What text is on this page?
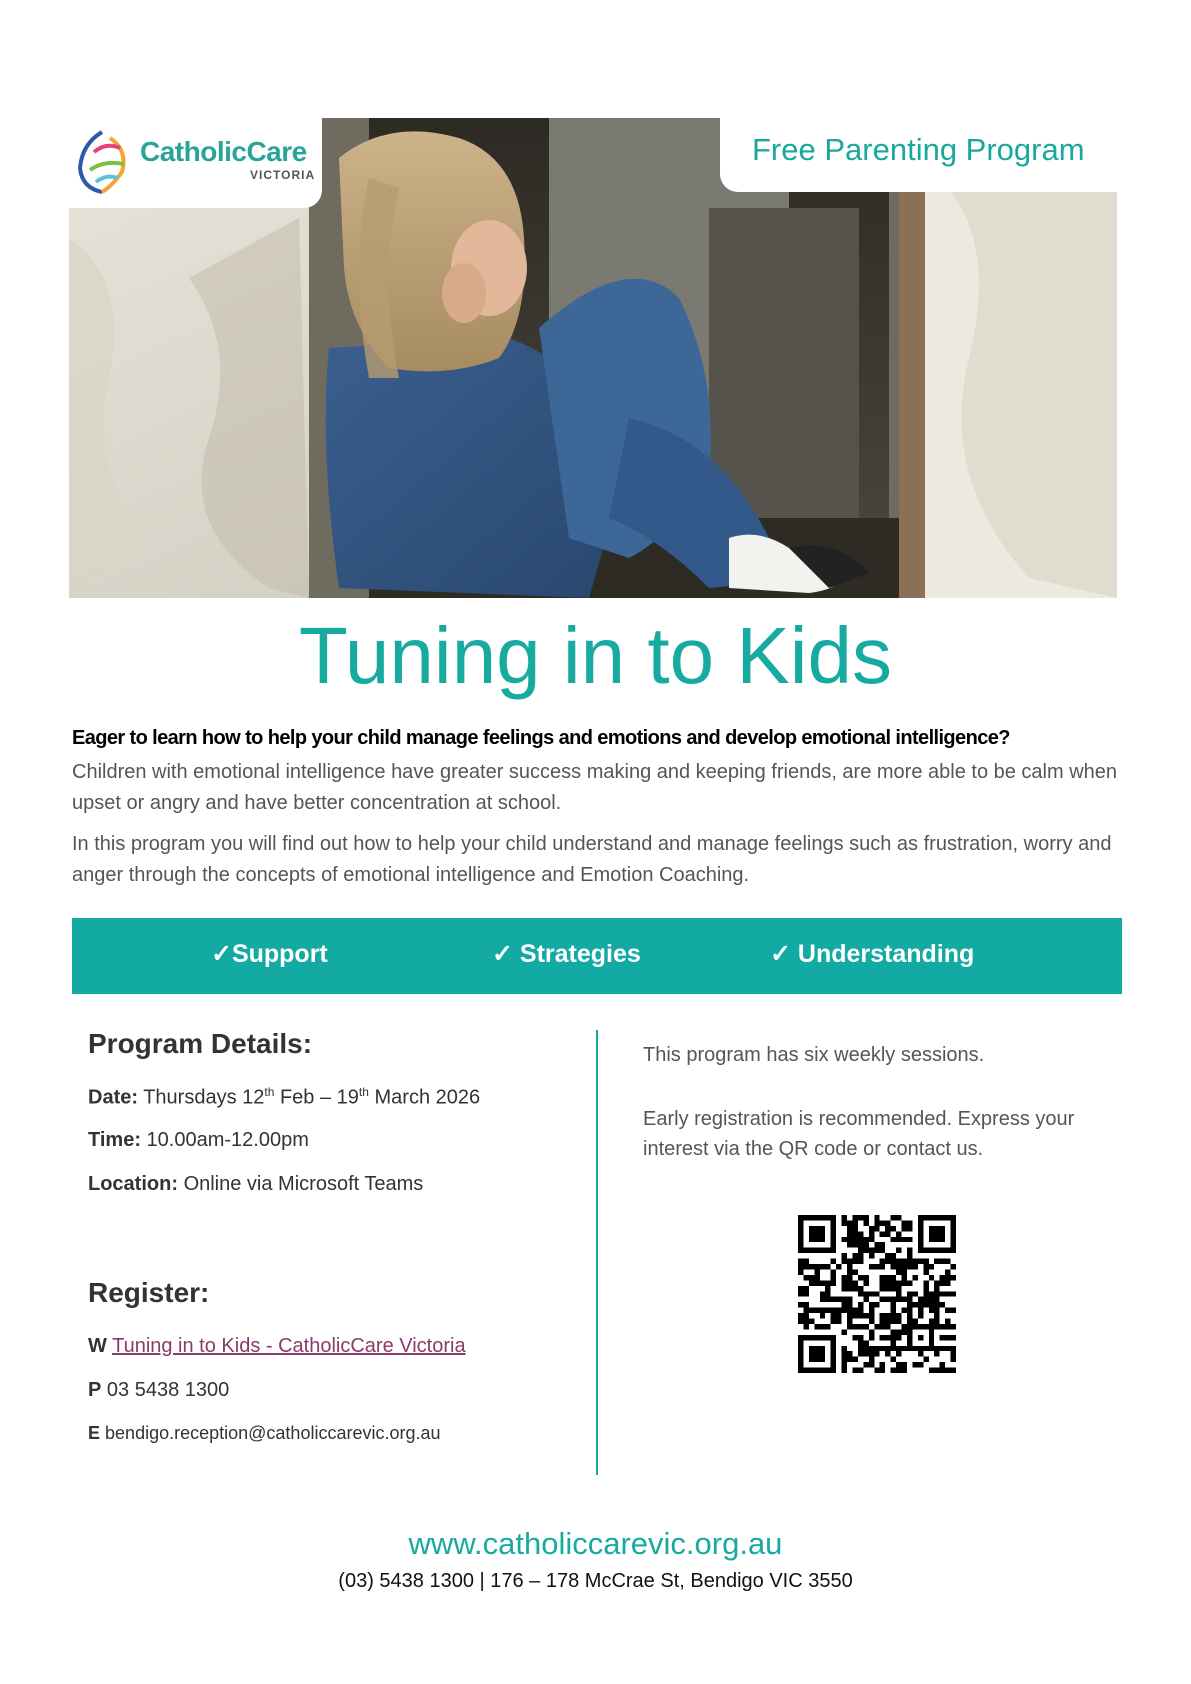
CatholicCare
VICTORIA
Free Parenting Program
Tuning in to Kids
Eager to learn how to help your child manage feelings and emotions and develop emotional intelligence?
Children with emotional intelligence have greater success making and keeping friends, are more able to be calm when upset or angry and have better concentration at school.
In this program you will find out how to help your child understand and manage feelings such as frustration, worry and anger through the concepts of emotional intelligence and Emotion Coaching.
✓Support	✓ Strategies	✓ Understanding
Program Details:
Date: Thursdays 12th Feb – 19th March 2026
Time: 10.00am-12.00pm
Location: Online via Microsoft Teams
Register:
W Tuning in to Kids - CatholicCare Victoria
P 03 5438 1300
E bendigo.reception@catholiccarevic.org.au
This program has six weekly sessions.
Early registration is recommended. Express your interest via the QR code or contact us.
www.catholiccarevic.org.au
(03) 5438 1300 | 176 – 178 McCrae St, Bendigo VIC 3550
